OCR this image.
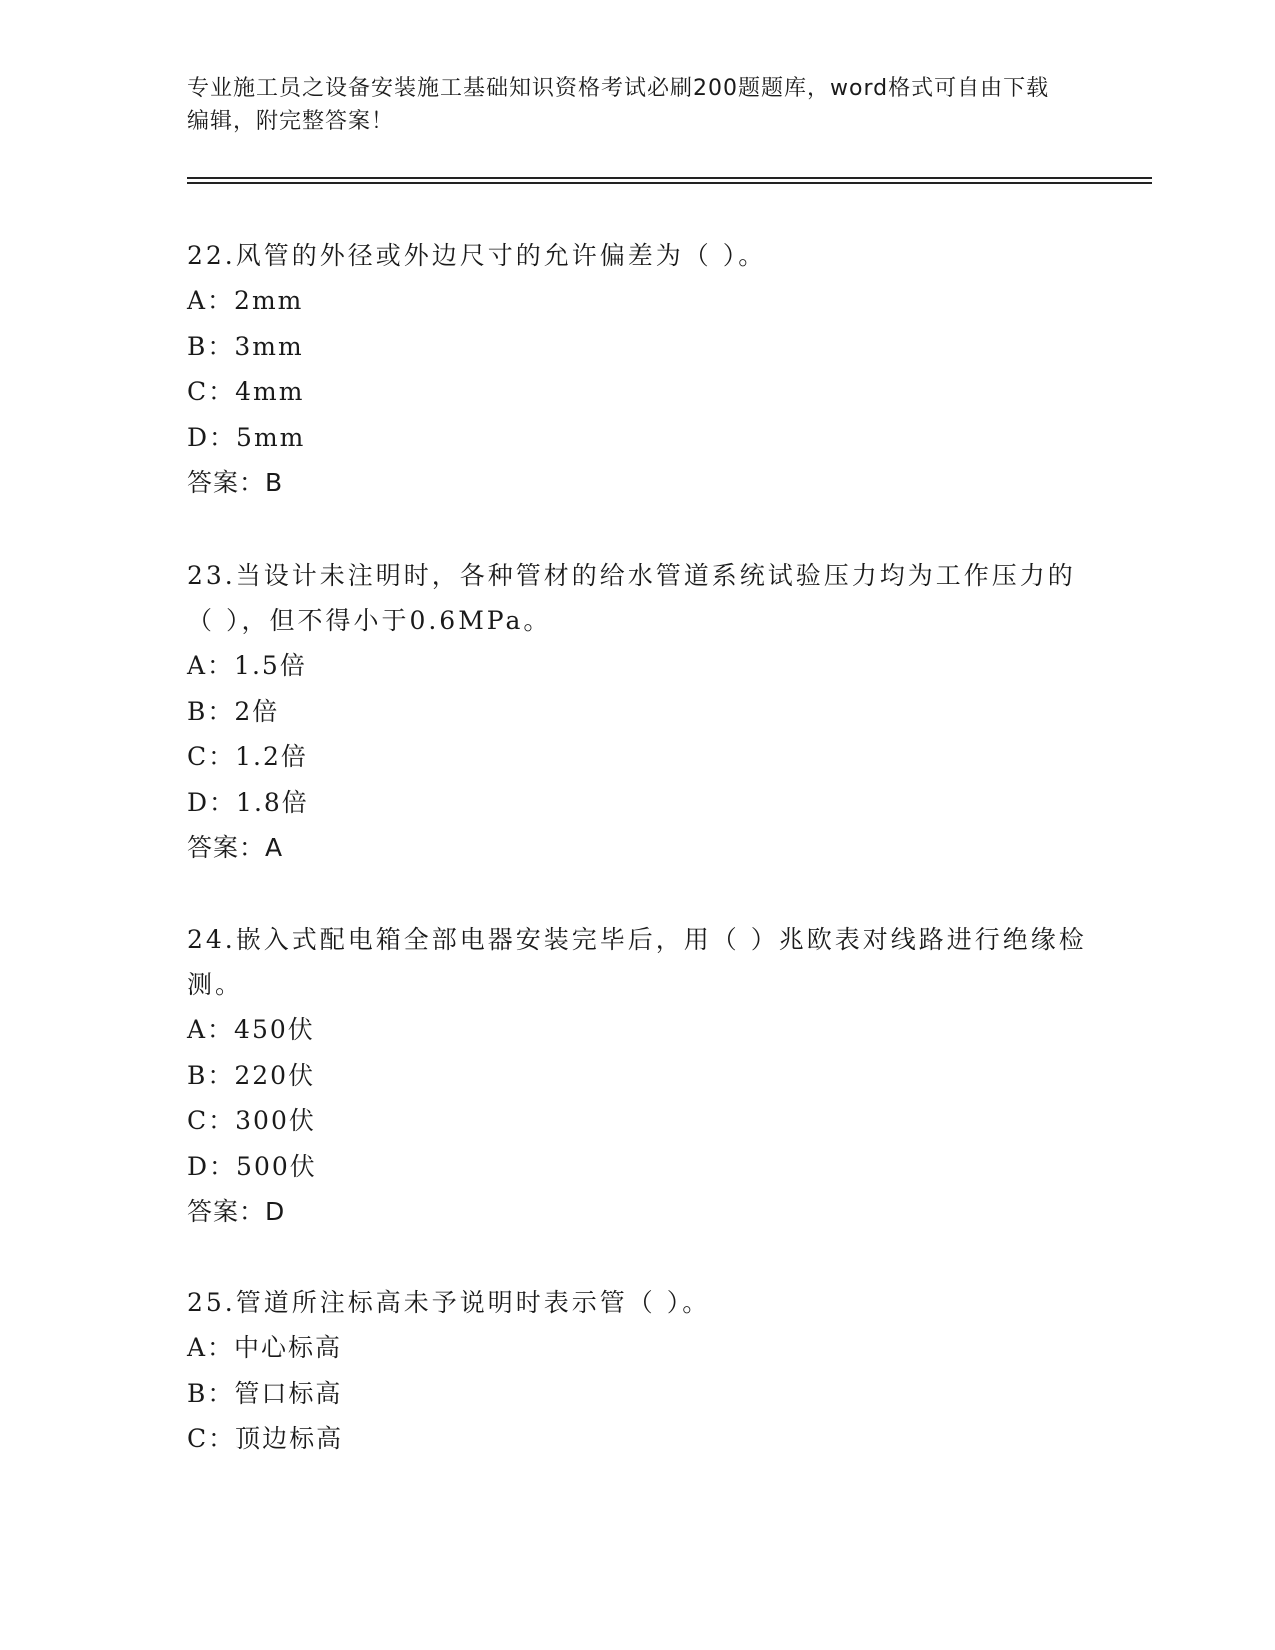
专业施工员之设备安装施工基础知识资格考试必刷200题题库，word格式可自由下载编辑，附完整答案！

22.风管的外径或外边尺寸的允许偏差为（ ）。

A：2mm
B：3mm
C：4mm
D：5mm

答案：B

23.当设计未注明时，各种管材的给水管道系统试验压力均为工作压力的（ ），但不得小于0.6MPa。

A：1.5倍
B：2倍
C：1.2倍
D：1.8倍

答案：A

24.嵌入式配电箱全部电器安装完毕后，用（ ）兆欧表对线路进行绝缘检测。

A：450伏
B：220伏
C：300伏
D：500伏

答案：D

25.管道所注标高未予说明时表示管（ ）。

A：中心标高
B：管口标高
C：顶边标高
